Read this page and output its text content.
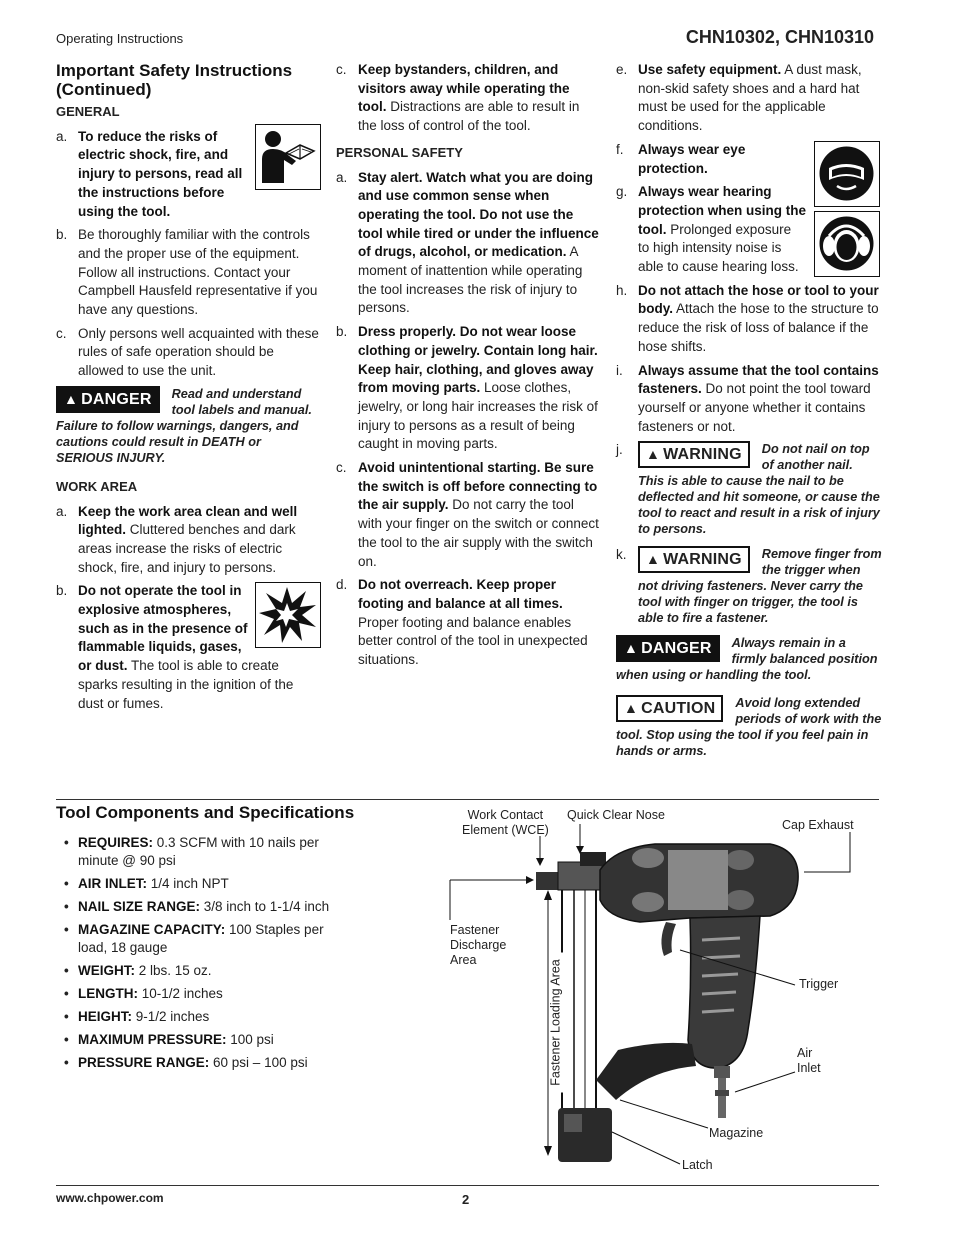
Operating Instructions	CHN10302, CHN10310
Important Safety Instructions
(Continued)
GENERAL
a. To reduce the risks of electric shock, fire, and injury to persons, read all the instructions before using the tool.
b. Be thoroughly familiar with the controls and the proper use of the equipment. Follow all instructions. Contact your Campbell Hausfeld representative if you have any questions.
c. Only persons well acquainted with these rules of safe operation should be allowed to use the unit.
▲ DANGER	Read and understand tool labels and manual. Failure to follow warnings, dangers, and cautions could result in DEATH or SERIOUS INJURY.
WORK AREA
a. Keep the work area clean and well lighted. Cluttered benches and dark areas increase the risks of electric shock, fire, and injury to persons.
b. Do not operate the tool in explosive atmospheres, such as in the presence of flammable liquids, gases, or dust. The tool is able to create sparks resulting in the ignition of the dust or fumes.
c. Keep bystanders, children, and visitors away while operating the tool. Distractions are able to result in the loss of control of the tool.
PERSONAL SAFETY
a. Stay alert. Watch what you are doing and use common sense when operating the tool. Do not use the tool while tired or under the influence of drugs, alcohol, or medication. A moment of inattention while operating the tool increases the risk of injury to persons.
b. Dress properly. Do not wear loose clothing or jewelry. Contain long hair. Keep hair, clothing, and gloves away from moving parts. Loose clothes, jewelry, or long hair increases the risk of injury to persons as a result of being caught in moving parts.
c. Avoid unintentional starting. Be sure the switch is off before connecting to the air supply. Do not carry the tool with your finger on the switch or connect the tool to the air supply with the switch on.
d. Do not overreach. Keep proper footing and balance at all times. Proper footing and balance enables better control of the tool in unexpected situations.
e. Use safety equipment. A dust mask, non-skid safety shoes and a hard hat must be used for the applicable conditions.
f.	Always wear eye protection.
g. Always wear hearing protection when using the tool. Prolonged exposure to high intensity noise is able to cause hearing loss.
h. Do not attach the hose or tool to your body. Attach the hose to the structure to reduce the risk of loss of balance if the hose shifts.
i.	Always assume that the tool contains fasteners. Do not point the tool toward yourself or anyone whether it contains fasteners or not.
j.	▲ WARNING	Do not nail on top of another nail. This is able to cause the nail to be deflected and hit someone, or cause the tool to react and result in a risk of injury to persons.
k.	▲ WARNING	Remove finger from the trigger when not driving fasteners. Never carry the tool with finger on trigger, the tool is able to fire a fastener.
▲ DANGER	Always remain in a firmly balanced position when using or handling the tool.
▲ CAUTION	Avoid long extended periods of work with the tool. Stop using the tool if you feel pain in hands or arms.
Tool Components and Specifications
• REQUIRES: 0.3 SCFM with 10 nails per minute @ 90 psi
• AIR INLET: 1/4 inch NPT
• NAIL SIZE RANGE: 3/8 inch to 1-1/4 inch
• MAGAZINE CAPACITY: 100 Staples per load, 18 gauge
• WEIGHT: 2 lbs. 15 oz.
• LENGTH: 10-1/2 inches
• HEIGHT: 9-1/2 inches
• MAXIMUM PRESSURE: 100 psi
• PRESSURE RANGE: 60 psi – 100 psi
Work Contact
Element (WCE)
Quick Clear Nose
Cap Exhaust
Fastener
Discharge
Area	Fastener Loading Area	Trigger
Air
Inlet
Magazine
Latch
www.chpower.com	2
